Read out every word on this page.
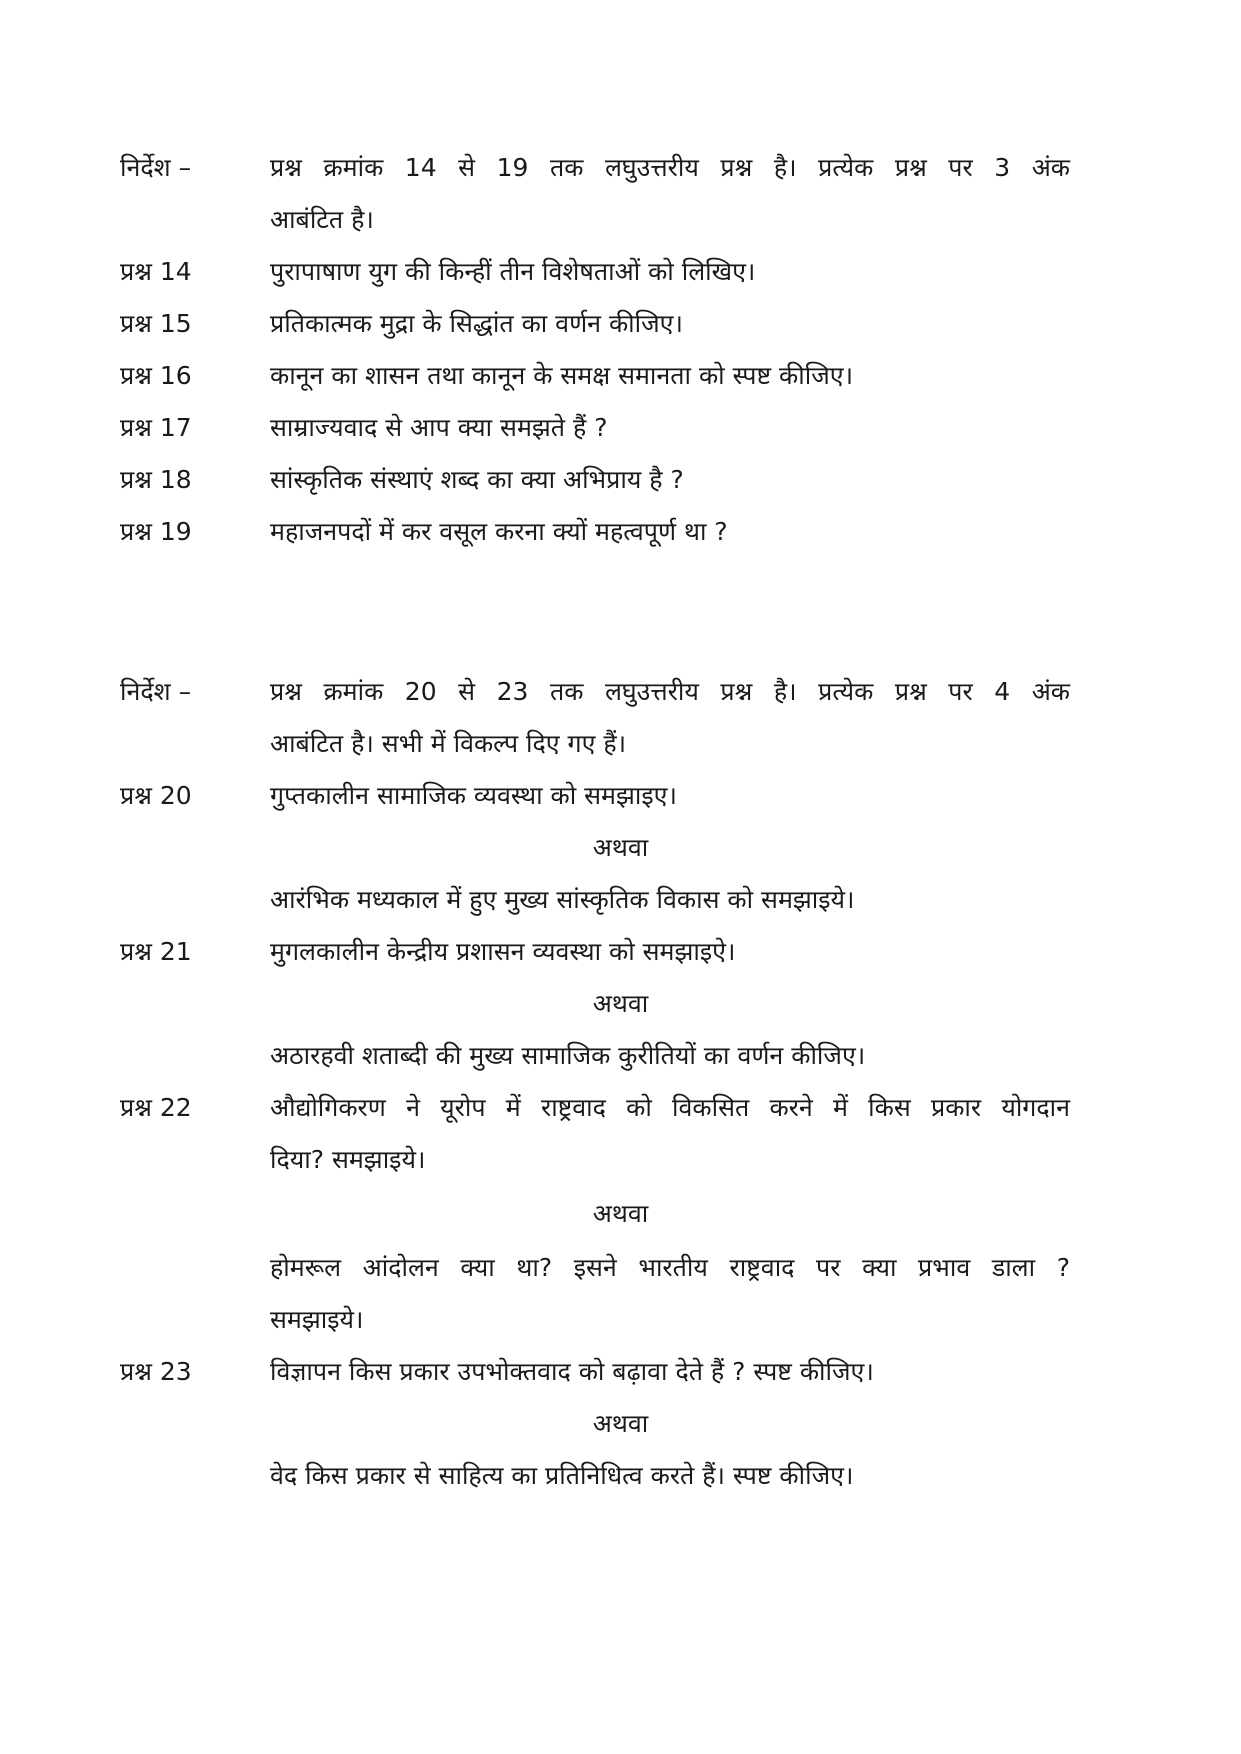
निर्देश –	प्रश्न क्रमांक 14 से 19 तक लघुउत्तरीय प्रश्न है। प्रत्येक प्रश्न पर 3 अंक
आबंटित है।
प्रश्न 14	पुरापाषाण युग की किन्हीं तीन विशेषताओं को लिखिए।
प्रश्न 15	प्रतिकात्मक मुद्रा के सिद्धांत का वर्णन कीजिए।
प्रश्न 16	कानून का शासन तथा कानून के समक्ष समानता को स्पष्ट कीजिए।
प्रश्न 17	साम्राज्यवाद से आप क्या समझते हैं ?
प्रश्न 18	सांस्कृतिक संस्थाएं शब्द का क्या अभिप्राय है ?
प्रश्न 19	महाजनपदों में कर वसूल करना क्यों महत्वपूर्ण था ?
निर्देश –	प्रश्न क्रमांक 20 से 23 तक लघुउत्तरीय प्रश्न है। प्रत्येक प्रश्न पर 4 अंक
आबंटित है। सभी में विकल्प दिए गए हैं।
प्रश्न 20	गुप्तकालीन सामाजिक व्यवस्था को समझाइए।
अथवा
आरंभिक मध्यकाल में हुए मुख्य सांस्कृतिक विकास को समझाइये।
प्रश्न 21	मुगलकालीन केन्द्रीय प्रशासन व्यवस्था को समझाइऐ।
अथवा
अठारहवी शताब्दी की मुख्य सामाजिक कुरीतियों का वर्णन कीजिए।
प्रश्न 22	औद्योगिकरण ने यूरोप में राष्ट्रवाद को विकसित करने में किस प्रकार योगदान
दिया? समझाइये।
अथवा
होमरूल आंदोलन क्या था? इसने भारतीय राष्ट्रवाद पर क्या प्रभाव डाला ?
समझाइये।
प्रश्न 23	विज्ञापन किस प्रकार उपभोक्तवाद को बढ़ावा देते हैं ? स्पष्ट कीजिए।
अथवा
वेद किस प्रकार से साहित्य का प्रतिनिधित्व करते हैं। स्पष्ट कीजिए।
